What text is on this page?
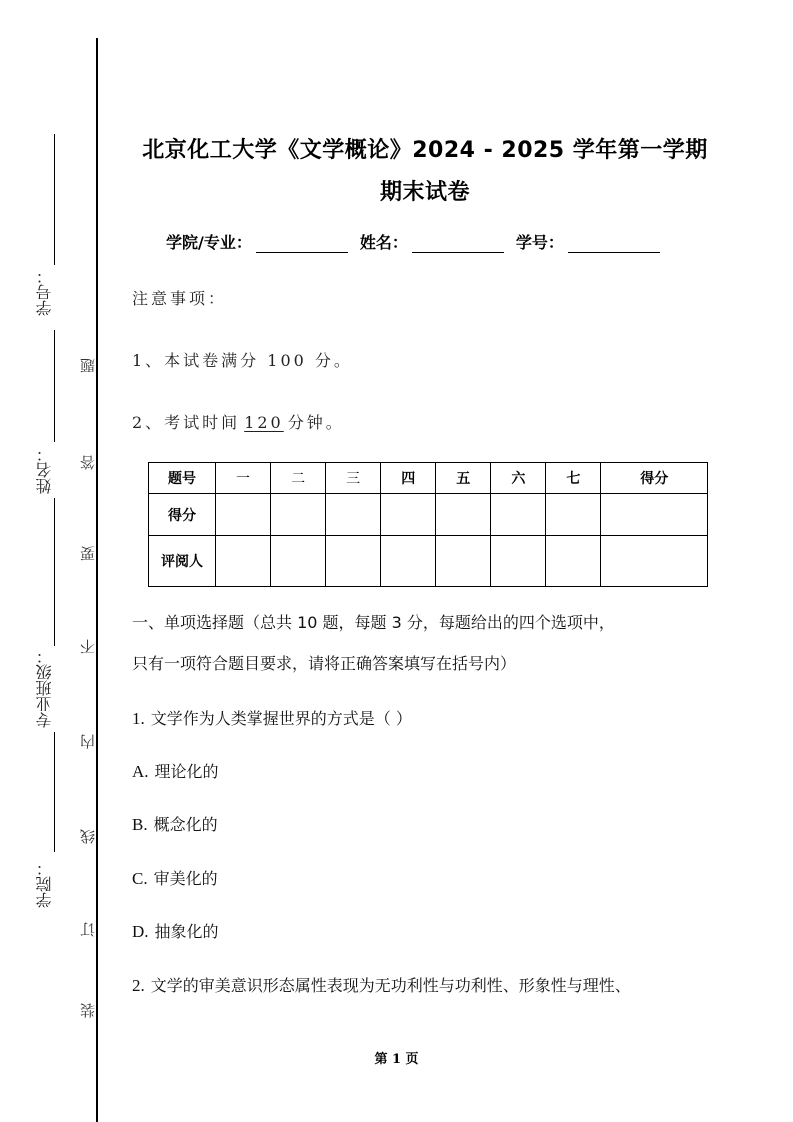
学号：
姓名：
专业班级：
学院：
题
答
要
不
内
线
订
装
北京化工大学《文学概论》2024 - 2025 学年第一学期
期末试卷
学院/专业：	姓名：	学号：
注意事项：
1、本试卷满分 100 分。
2、考试时间 120 分钟。
题号	一	二	三	四	五	六	七	得分
得分								
评阅人								
一、单项选择题（总共 10 题，每题 3 分，每题给出的四个选项中，
只有一项符合题目要求，请将正确答案填写在括号内）
1. 文学作为人类掌握世界的方式是（ ）
A. 理论化的
B. 概念化的
C. 审美化的
D. 抽象化的
2. 文学的审美意识形态属性表现为无功利性与功利性、形象性与理性、
第 1 页
